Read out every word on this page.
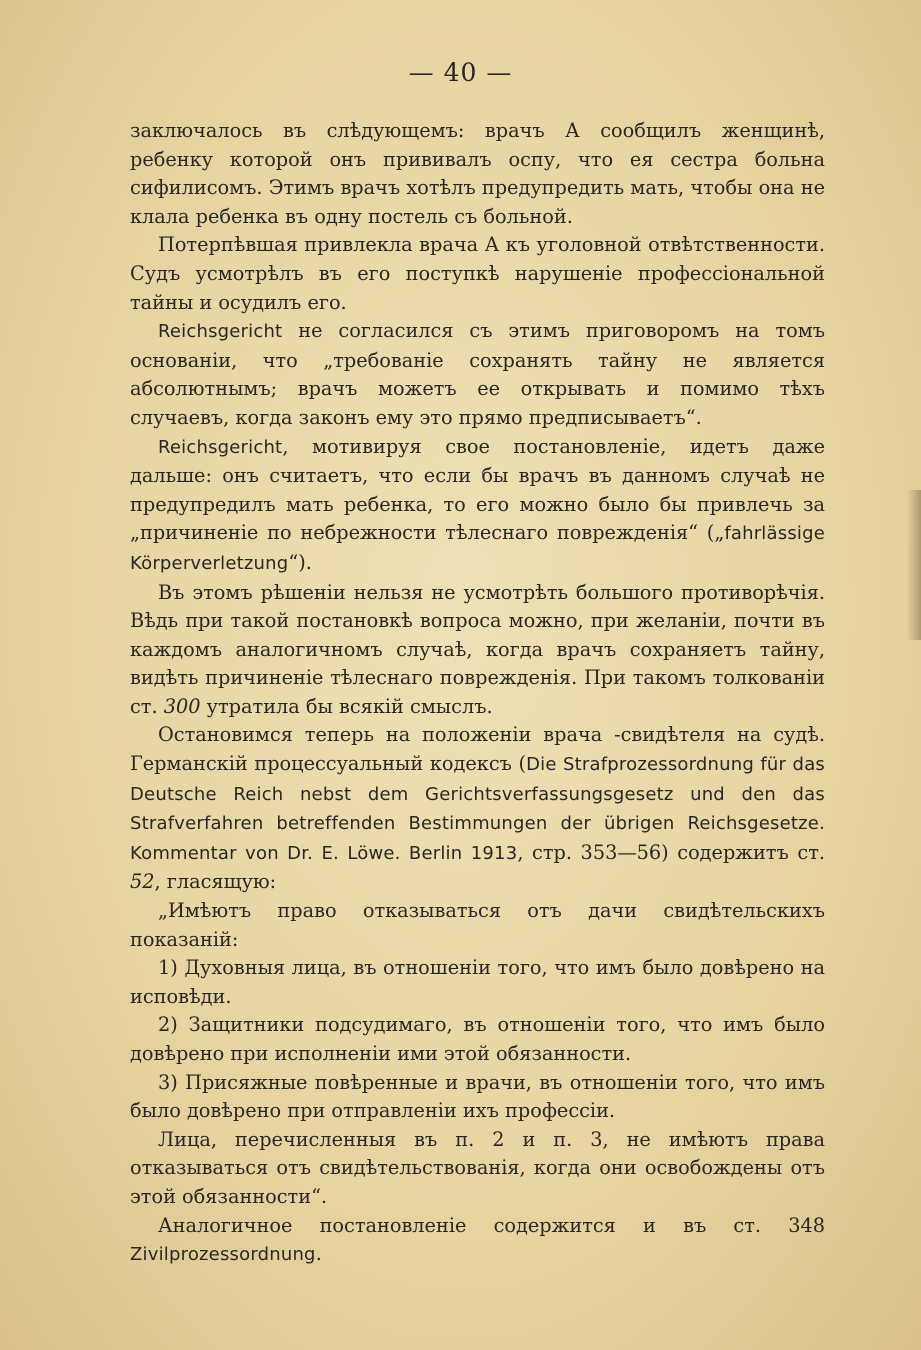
— 40 —

заключалось въ слѣдующемъ: врачъ А сообщилъ женщинѣ, ребенку которой онъ прививалъ оспу, что ея сестра больна сифилисомъ. Этимъ врачъ хотѣлъ предупредить мать, чтобы она не клала ребенка въ одну постель съ больной.

Потерпѣвшая привлекла врача А къ уголовной отвѣтственности. Судъ усмотрѣлъ въ его поступкѣ нарушеніе профессіональной тайны и осудилъ его.

Reichsgericht не согласился съ этимъ приговоромъ на томъ основаніи, что „требованіе сохранять тайну не является абсолютнымъ; врачъ можетъ ее открывать и помимо тѣхъ случаевъ, когда законъ ему это прямо предписываетъ“.

Reichsgericht, мотивируя свое постановленіе, идетъ даже дальше: онъ считаетъ, что если бы врачъ въ данномъ случаѣ не предупредилъ мать ребенка, то его можно было бы привлечь за „причиненіе по небрежности тѣлеснаго поврежденія“ („fahrlässige Körperverletzung“).

Въ этомъ рѣшеніи нельзя не усмотрѣть большого противорѣчія. Вѣдь при такой постановкѣ вопроса можно, при желаніи, почти въ каждомъ аналогичномъ случаѣ, когда врачъ сохраняетъ тайну, видѣть причиненіе тѣлеснаго поврежденія. При такомъ толкованіи ст. 300 утратила бы всякій смыслъ.

Остановимся теперь на положеніи врача -свидѣтеля на судѣ. Германскій процессуальный кодексъ (Die Strafprozessordnung für das Deutsche Reich nebst dem Gerichtsverfassungsgesetz und den das Strafverfahren betreffenden Bestimmungen der übrigen Reichsgesetze. Kommentar von Dr. E. Löwe. Berlin 1913, стр. 353—56) содержитъ ст. 52, гласящую:

„Имѣютъ право отказываться отъ дачи свидѣтельскихъ показаній:

1) Духовныя лица, въ отношеніи того, что имъ было довѣрено на исповѣди.

2) Защитники подсудимаго, въ отношеніи того, что имъ было довѣрено при исполненіи ими этой обязанности.

3) Присяжные повѣренные и врачи, въ отношеніи того, что имъ было довѣрено при отправленіи ихъ профессіи.

Лица, перечисленныя въ п. 2 и п. 3, не имѣютъ права отказываться отъ свидѣтельствованія, когда они освобождены отъ этой обязанности“.

Аналогичное постановленіе содержится и въ ст. 348 Zivilprozessordnung.
